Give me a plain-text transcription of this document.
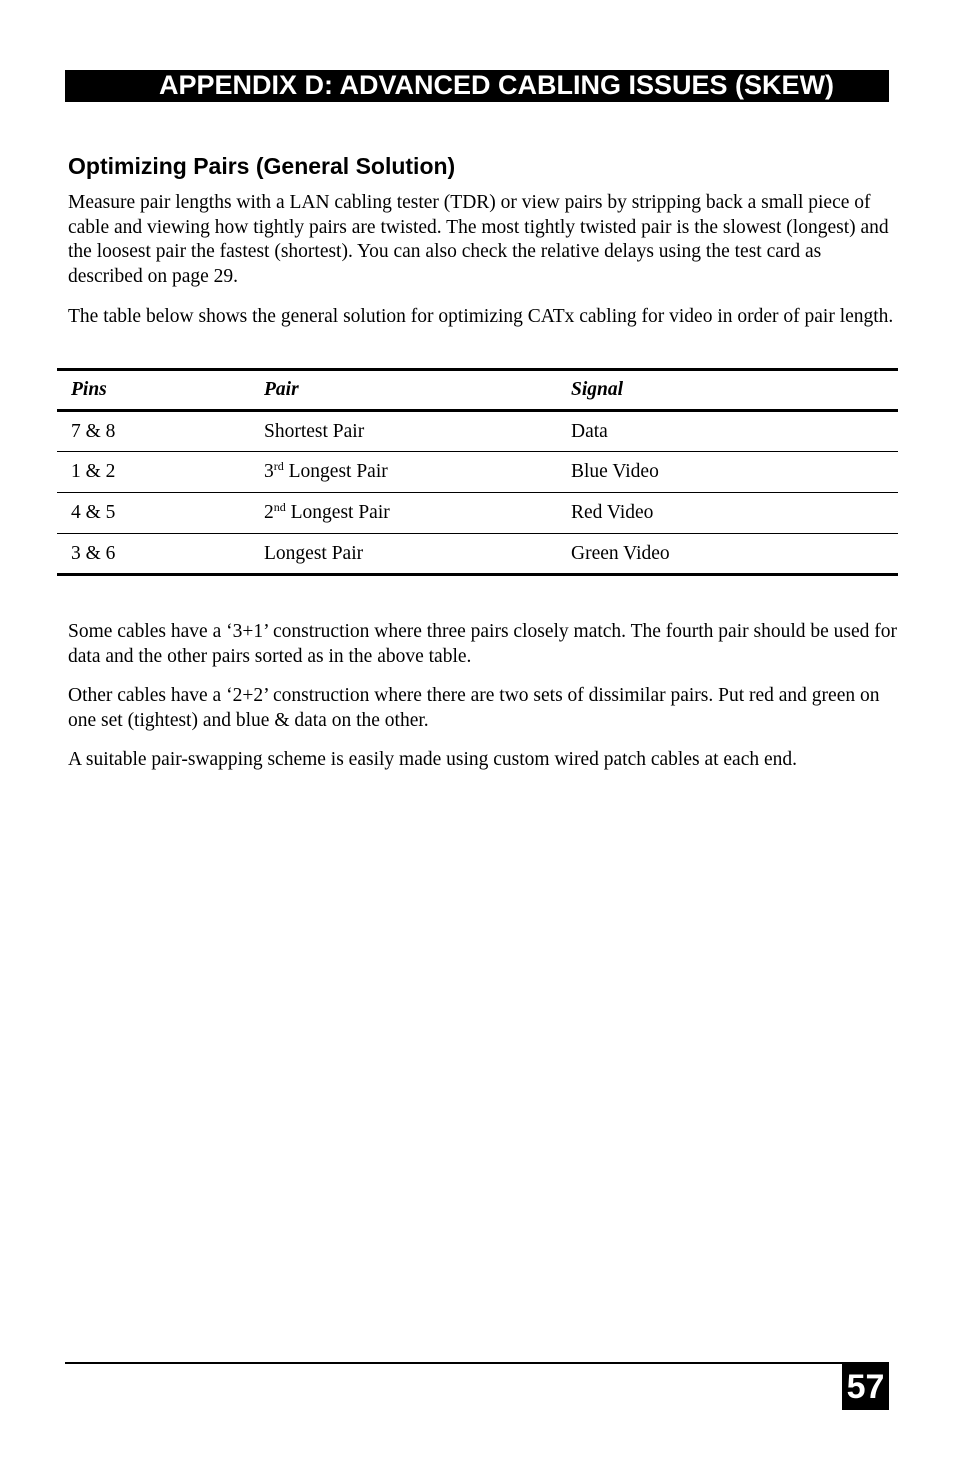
APPENDIX D: ADVANCED CABLING ISSUES (SKEW)
Optimizing Pairs (General Solution)

Measure pair lengths with a LAN cabling tester (TDR) or view pairs by stripping back a small piece of cable and viewing how tightly pairs are twisted. The most tightly twisted pair is the slowest (longest) and the loosest pair the fastest (shortest). You can also check the relative delays using the test card as described on page 29.

The table below shows the general solution for optimizing CATx cabling for video in order of pair length.

Pins	Pair	Signal
7 & 8	Shortest Pair	Data
1 & 2	3rd Longest Pair	Blue Video
4 & 5	2nd Longest Pair	Red Video
3 & 6	Longest Pair	Green Video

Some cables have a ‘3+1’ construction where three pairs closely match. The fourth pair should be used for data and the other pairs sorted as in the above table.

Other cables have a ‘2+2’ construction where there are two sets of dissimilar pairs. Put red and green on one set (tightest) and blue & data on the other.

A suitable pair-swapping scheme is easily made using custom wired patch cables at each end.

57
